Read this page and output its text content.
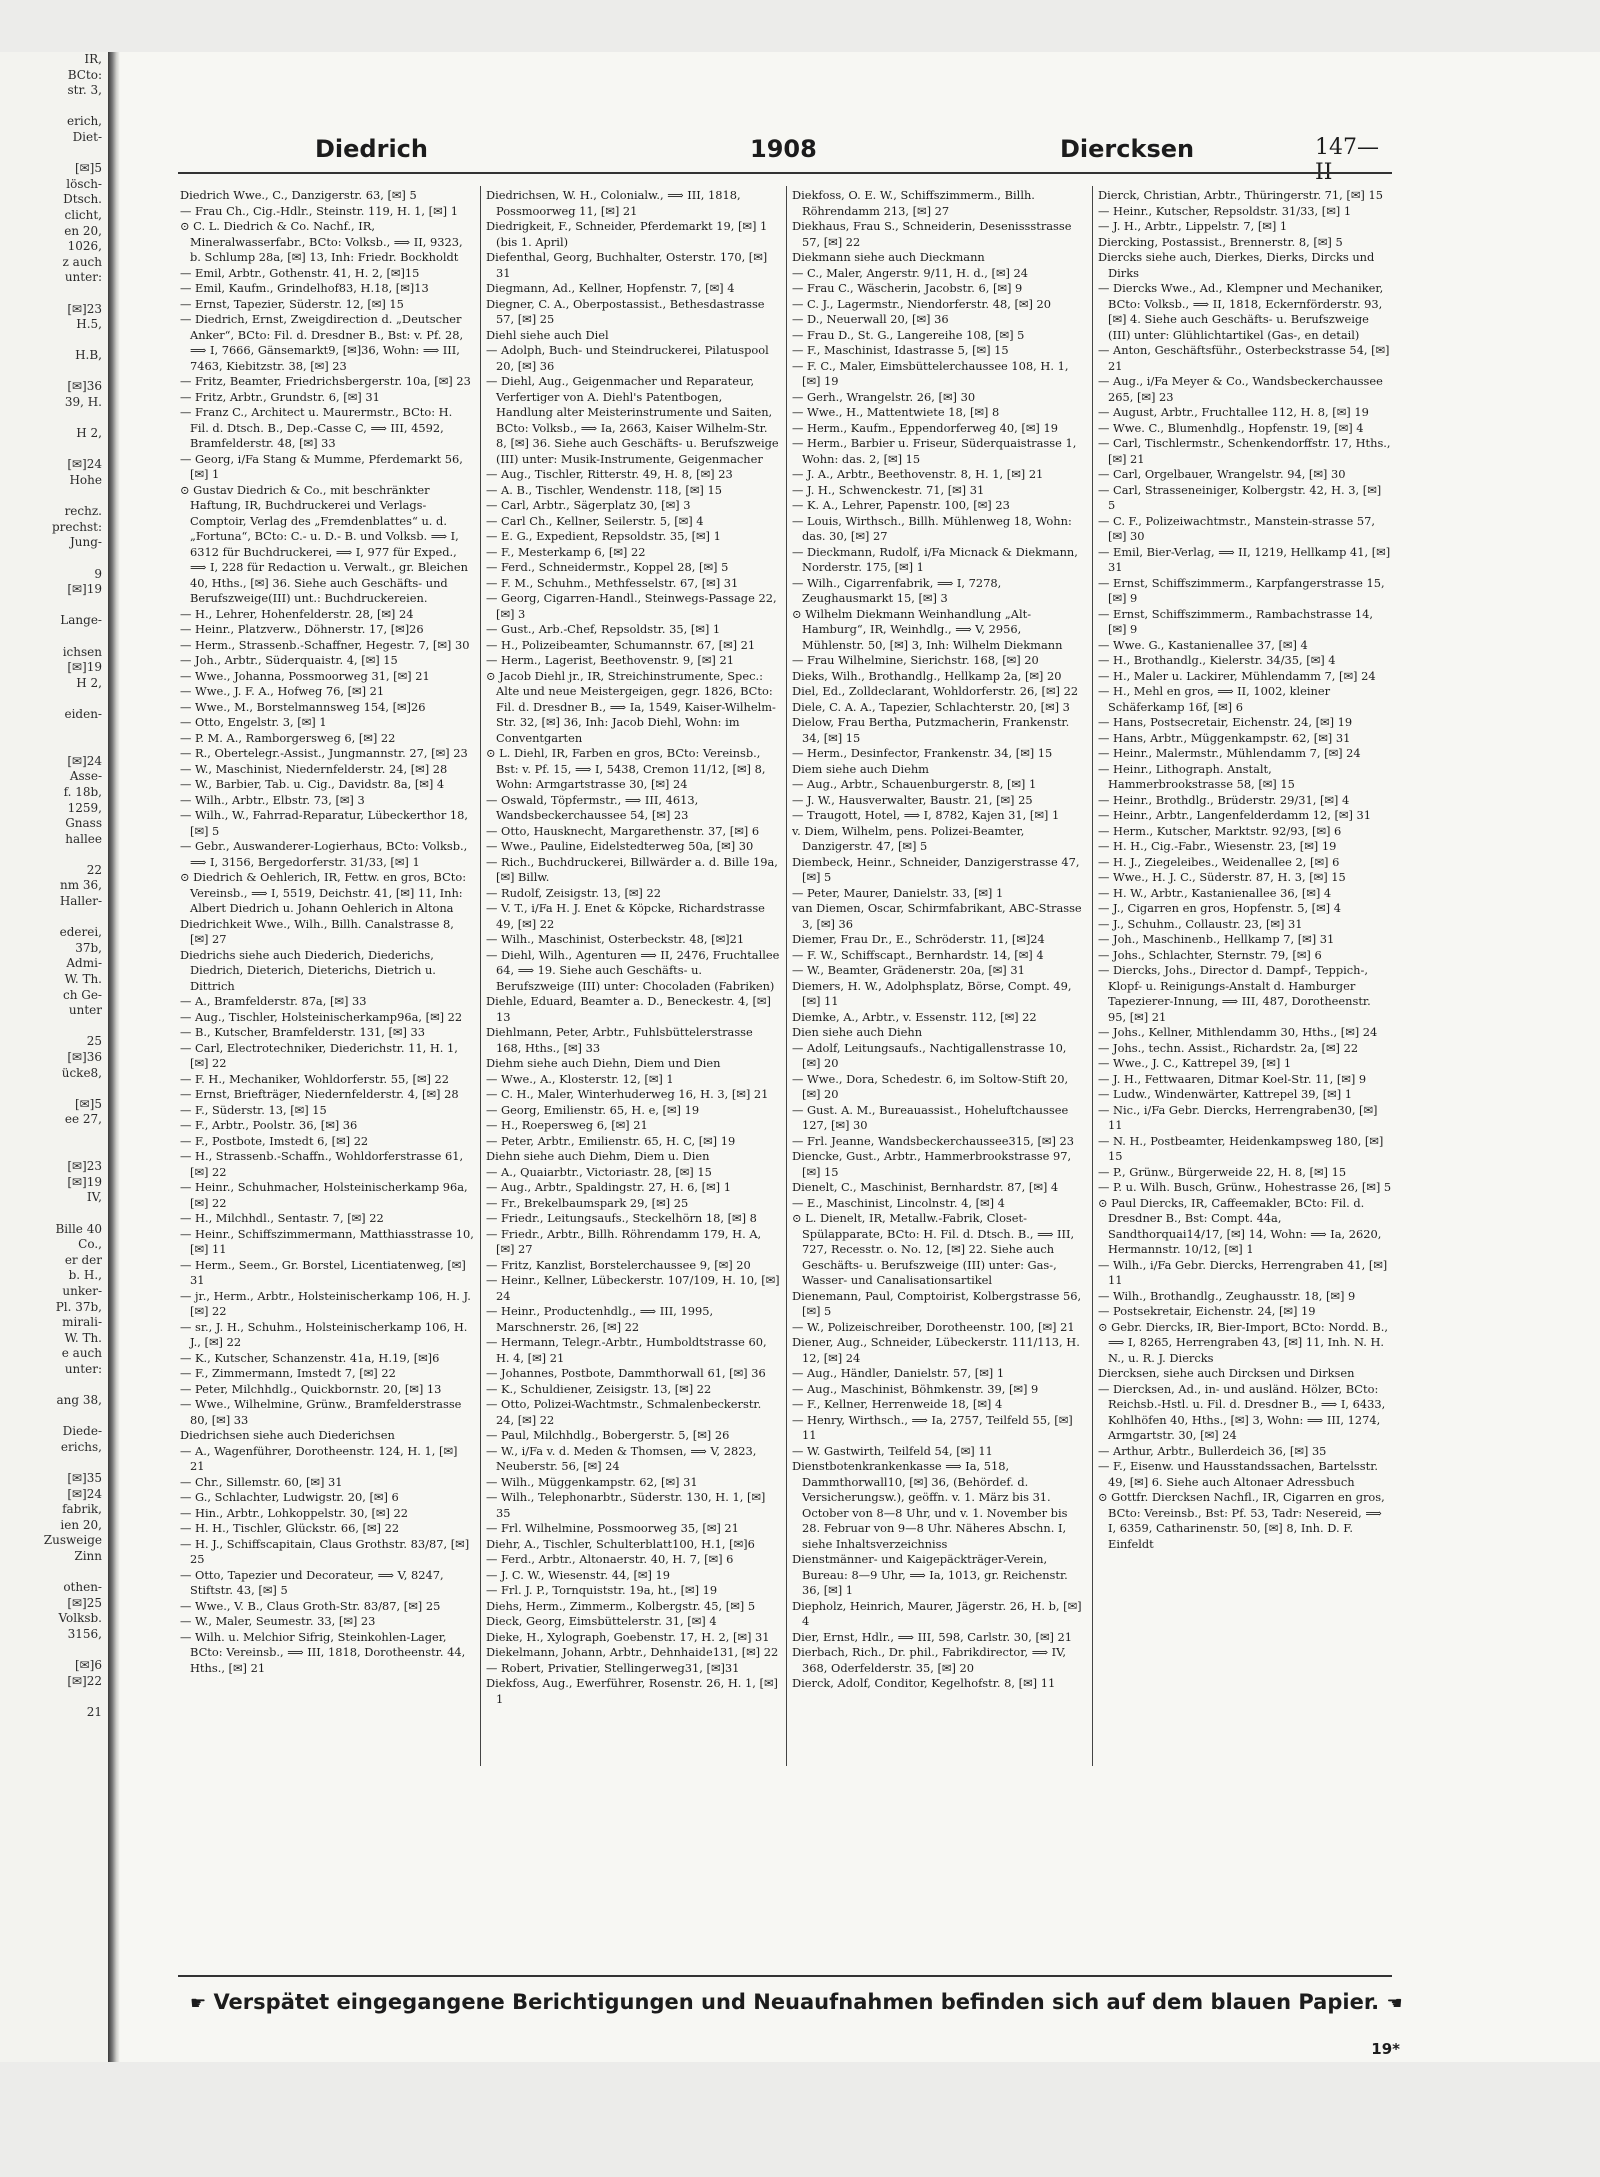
IR,
BCto:
str. 3,

erich,
Diet-

[✉]5
lösch-
Dtsch.
clicht,
en 20,
1026,
z auch
unter:

[✉]23
H.5,

H.B,

[✉]36
39, H.

H 2,

[✉]24
Hohe

rechz.
prechst:
Jung-

9
[✉]19

Lange-

ichsen
[✉]19
H 2,

eiden-

[✉]24
Asse-
f. 18b,
1259,
Gnass
hallee

22
nm 36,
Haller-

ederei,
37b,
Admi-
W. Th.
ch Ge-
unter

25
[✉]36
ücke8,

[✉]5
ee 27,

[✉]23
[✉]19
IV,

Bille 40
Co.,
er der
b. H.,
unker-
Pl. 37b,
mirali-
W. Th.
e auch
unter:

ang 38,

Diede-
erichs,

[✉]35
[✉]24
fabrik,
ien 20,
Zusweige
Zinn

othen-
[✉]25
Volksb.
3156,

[✉]6
[✉]22

21
Diedrich	1908	Diercksen	147—II

Diedrich Wwe., C., Danzigerstr. 63, [✉] 5

— Frau Ch., Cig.-Hdlr., Steinstr. 119, H. 1, [✉] 1

⊙ C. L. Diedrich & Co. Nachf., IR, Mineralwasserfabr., BCto: Volksb., ⟹ II, 9323, b. Schlump 28a, [✉] 13, Inh: Friedr. Bockholdt

— Emil, Arbtr., Gothenstr. 41, H. 2, [✉]15

— Emil, Kaufm., Grindelhof83, H.18, [✉]13

— Ernst, Tapezier, Süderstr. 12, [✉] 15

— Diedrich, Ernst, Zweigdirection d. „Deutscher Anker“, BCto: Fil. d. Dresdner B., Bst: v. Pf. 28, ⟹ I, 7666, Gänsemarkt9, [✉]36, Wohn: ⟹ III, 7463, Kiebitzstr. 38, [✉] 23

— Fritz, Beamter, Friedrichsbergerstr. 10a, [✉] 23

— Fritz, Arbtr., Grundstr. 6, [✉] 31

— Franz C., Architect u. Maurermstr., BCto: H. Fil. d. Dtsch. B., Dep.-Casse C, ⟹ III, 4592, Bramfelderstr. 48, [✉] 33

— Georg, i/Fa Stang & Mumme, Pferdemarkt 56, [✉] 1

⊙ Gustav Diedrich & Co., mit beschränkter Haftung, IR, Buchdruckerei und Verlags-Comptoir, Verlag des „Fremdenblattes“ u. d. „Fortuna“, BCto: C.- u. D.- B. und Volksb. ⟹ I, 6312 für Buchdruckerei, ⟹ I, 977 für Exped., ⟹ I, 228 für Redaction u. Verwalt., gr. Bleichen 40, Hths., [✉] 36. Siehe auch Geschäfts- und Berufszweige(III) unt.: Buchdruckereien.

— H., Lehrer, Hohenfelderstr. 28, [✉] 24

— Heinr., Platzverw., Döhnerstr. 17, [✉]26

— Herm., Strassenb.-Schaffner, Hegestr. 7, [✉] 30

— Joh., Arbtr., Süderquaistr. 4, [✉] 15

— Wwe., Johanna, Possmoorweg 31, [✉] 21

— Wwe., J. F. A., Hofweg 76, [✉] 21

— Wwe., M., Borstelmannsweg 154, [✉]26

— Otto, Engelstr. 3, [✉] 1

— P. M. A., Ramborgersweg 6, [✉] 22

— R., Obertelegr.-Assist., Jungmannstr. 27, [✉] 23

— W., Maschinist, Niedernfelderstr. 24, [✉] 28

— W., Barbier, Tab. u. Cig., Davidstr. 8a, [✉] 4

— Wilh., Arbtr., Elbstr. 73, [✉] 3

— Wilh., W., Fahrrad-Reparatur, Lübeckerthor 18, [✉] 5

— Gebr., Auswanderer-Logierhaus, BCto: Volksb., ⟹ I, 3156, Bergedorferstr. 31/33, [✉] 1

⊙ Diedrich & Oehlerich, IR, Fettw. en gros, BCto: Vereinsb., ⟹ I, 5519, Deichstr. 41, [✉] 11, Inh: Albert Diedrich u. Johann Oehlerich in Altona

Diedrichkeit Wwe., Wilh., Billh. Canalstrasse 8, [✉] 27

Diedrichs siehe auch Diederich, Diederichs, Diedrich, Dieterich, Dieterichs, Dietrich u. Dittrich

— A., Bramfelderstr. 87a, [✉] 33

— Aug., Tischler, Holsteinischerkamp96a, [✉] 22

— B., Kutscher, Bramfelderstr. 131, [✉] 33

— Carl, Electrotechniker, Diederichstr. 11, H. 1, [✉] 22

— F. H., Mechaniker, Wohldorferstr. 55, [✉] 22

— Ernst, Briefträger, Niedernfelderstr. 4, [✉] 28

— F., Süderstr. 13, [✉] 15

— F., Arbtr., Poolstr. 36, [✉] 36

— F., Postbote, Imstedt 6, [✉] 22

— H., Strassenb.-Schaffn., Wohldorferstrasse 61, [✉] 22

— Heinr., Schuhmacher, Holsteinischerkamp 96a, [✉] 22

— H., Milchhdl., Sentastr. 7, [✉] 22

— Heinr., Schiffszimmermann, Matthiasstrasse 10, [✉] 11

— Herm., Seem., Gr. Borstel, Licentiatenweg, [✉] 31

— jr., Herm., Arbtr., Holsteinischerkamp 106, H. J. [✉] 22

— sr., J. H., Schuhm., Holsteinischerkamp 106, H. J., [✉] 22

— K., Kutscher, Schanzenstr. 41a, H.19, [✉]6

— F., Zimmermann, Imstedt 7, [✉] 22

— Peter, Milchhdlg., Quickbornstr. 20, [✉] 13

— Wwe., Wilhelmine, Grünw., Bramfelderstrasse 80, [✉] 33

Diedrichsen siehe auch Diederichsen

— A., Wagenführer, Dorotheenstr. 124, H. 1, [✉] 21

— Chr., Sillemstr. 60, [✉] 31

— G., Schlachter, Ludwigstr. 20, [✉] 6

— Hin., Arbtr., Lohkoppelstr. 30, [✉] 22

— H. H., Tischler, Glückstr. 66, [✉] 22

— H. J., Schiffscapitain, Claus Grothstr. 83/87, [✉] 25

— Otto, Tapezier und Decorateur, ⟹ V, 8247, Stiftstr. 43, [✉] 5

— Wwe., V. B., Claus Groth-Str. 83/87, [✉] 25

— W., Maler, Seumestr. 33, [✉] 23

— Wilh. u. Melchior Sifrig, Steinkohlen-Lager, BCto: Vereinsb., ⟹ III, 1818, Dorotheenstr. 44, Hths., [✉] 21

Diedrichsen, W. H., Colonialw., ⟹ III, 1818, Possmoorweg 11, [✉] 21

Diedrigkeit, F., Schneider, Pferdemarkt 19, [✉] 1 (bis 1. April)

Diefenthal, Georg, Buchhalter, Osterstr. 170, [✉] 31

Diegmann, Ad., Kellner, Hopfenstr. 7, [✉] 4

Diegner, C. A., Oberpostassist., Bethesdastrasse 57, [✉] 25

Diehl siehe auch Diel

— Adolph, Buch- und Steindruckerei, Pilatuspool 20, [✉] 36

— Diehl, Aug., Geigenmacher und Reparateur, Verfertiger von A. Diehl's Patentbogen, Handlung alter Meisterinstrumente und Saiten, BCto: Volksb., ⟹ Ia, 2663, Kaiser Wilhelm-Str. 8, [✉] 36. Siehe auch Geschäfts- u. Berufszweige (III) unter: Musik-Instrumente, Geigenmacher

— Aug., Tischler, Ritterstr. 49, H. 8, [✉] 23

— A. B., Tischler, Wendenstr. 118, [✉] 15

— Carl, Arbtr., Sägerplatz 30, [✉] 3

— Carl Ch., Kellner, Seilerstr. 5, [✉] 4

— E. G., Expedient, Repsoldstr. 35, [✉] 1

— F., Mesterkamp 6, [✉] 22

— Ferd., Schneidermstr., Koppel 28, [✉] 5

— F. M., Schuhm., Methfesselstr. 67, [✉] 31

— Georg, Cigarren-Handl., Steinwegs-Passage 22, [✉] 3

— Gust., Arb.-Chef, Repsoldstr. 35, [✉] 1

— H., Polizeibeamter, Schumannstr. 67, [✉] 21

— Herm., Lagerist, Beethovenstr. 9, [✉] 21

⊙ Jacob Diehl jr., IR, Streichinstrumente, Spec.: Alte und neue Meistergeigen, gegr. 1826, BCto: Fil. d. Dresdner B., ⟹ Ia, 1549, Kaiser-Wilhelm-Str. 32, [✉] 36, Inh: Jacob Diehl, Wohn: im Conventgarten

⊙ L. Diehl, IR, Farben en gros, BCto: Vereinsb., Bst: v. Pf. 15, ⟹ I, 5438, Cremon 11/12, [✉] 8, Wohn: Armgartstrasse 30, [✉] 24

— Oswald, Töpfermstr., ⟹ III, 4613, Wandsbeckerchaussee 54, [✉] 23

— Otto, Hausknecht, Margarethenstr. 37, [✉] 6

— Wwe., Pauline, Eidelstedterweg 50a, [✉] 30

— Rich., Buchdruckerei, Billwärder a. d. Bille 19a, [✉] Billw.

— Rudolf, Zeisigstr. 13, [✉] 22

— V. T., i/Fa H. J. Enet & Köpcke, Richardstrasse 49, [✉] 22

— Wilh., Maschinist, Osterbeckstr. 48, [✉]21

— Diehl, Wilh., Agenturen ⟹ II, 2476, Fruchtallee 64, ⟹ 19. Siehe auch Geschäfts- u. Berufszweige (III) unter: Chocoladen (Fabriken)

Diehle, Eduard, Beamter a. D., Beneckestr. 4, [✉] 13

Diehlmann, Peter, Arbtr., Fuhlsbüttelerstrasse 168, Hths., [✉] 33

Diehm siehe auch Diehn, Diem und Dien

— Wwe., A., Klosterstr. 12, [✉] 1

— C. H., Maler, Winterhuderweg 16, H. 3, [✉] 21

— Georg, Emilienstr. 65, H. e, [✉] 19

— H., Roepersweg 6, [✉] 21

— Peter, Arbtr., Emilienstr. 65, H. C, [✉] 19

Diehn siehe auch Diehm, Diem u. Dien

— A., Quaiarbtr., Victoriastr. 28, [✉] 15

— Aug., Arbtr., Spaldingstr. 27, H. 6, [✉] 1

— Fr., Brekelbaumspark 29, [✉] 25

— Friedr., Leitungsaufs., Steckelhörn 18, [✉] 8

— Friedr., Arbtr., Billh. Röhrendamm 179, H. A, [✉] 27

— Fritz, Kanzlist, Borstelerchaussee 9, [✉] 20

— Heinr., Kellner, Lübeckerstr. 107/109, H. 10, [✉] 24

— Heinr., Productenhdlg., ⟹ III, 1995, Marschnerstr. 26, [✉] 22

— Hermann, Telegr.-Arbtr., Humboldtstrasse 60, H. 4, [✉] 21

— Johannes, Postbote, Dammthorwall 61, [✉] 36

— K., Schuldiener, Zeisigstr. 13, [✉] 22

— Otto, Polizei-Wachtmstr., Schmalenbeckerstr. 24, [✉] 22

— Paul, Milchhdlg., Bobergerstr. 5, [✉] 26

— W., i/Fa v. d. Meden & Thomsen, ⟹ V, 2823, Neuberstr. 56, [✉] 24

— Wilh., Müggenkampstr. 62, [✉] 31

— Wilh., Telephonarbtr., Süderstr. 130, H. 1, [✉] 35

— Frl. Wilhelmine, Possmoorweg 35, [✉] 21

Diehr, A., Tischler, Schulterblatt100, H.1, [✉]6

— Ferd., Arbtr., Altonaerstr. 40, H. 7, [✉] 6

— J. C. W., Wiesenstr. 44, [✉] 19

— Frl. J. P., Tornquiststr. 19a, ht., [✉] 19

Diehs, Herm., Zimmerm., Kolbergstr. 45, [✉] 5

Dieck, Georg, Eimsbüttelerstr. 31, [✉] 4

Dieke, H., Xylograph, Goebenstr. 17, H. 2, [✉] 31

Diekelmann, Johann, Arbtr., Dehnhaide131, [✉] 22

— Robert, Privatier, Stellingerweg31, [✉]31

Diekfoss, Aug., Ewerführer, Rosenstr. 26, H. 1, [✉] 1

Diekfoss, O. E. W., Schiffszimmerm., Billh. Röhrendamm 213, [✉] 27

Diekhaus, Frau S., Schneiderin, Desenissstrasse 57, [✉] 22

Diekmann siehe auch Dieckmann

— C., Maler, Angerstr. 9/11, H. d., [✉] 24

— Frau C., Wäscherin, Jacobstr. 6, [✉] 9

— C. J., Lagermstr., Niendorferstr. 48, [✉] 20

— D., Neuerwall 20, [✉] 36

— Frau D., St. G., Langereihe 108, [✉] 5

— F., Maschinist, Idastrasse 5, [✉] 15

— F. C., Maler, Eimsbüttelerchaussee 108, H. 1, [✉] 19

— Gerh., Wrangelstr. 26, [✉] 30

— Wwe., H., Mattentwiete 18, [✉] 8

— Herm., Kaufm., Eppendorferweg 40, [✉] 19

— Herm., Barbier u. Friseur, Süderquaistrasse 1, Wohn: das. 2, [✉] 15

— J. A., Arbtr., Beethovenstr. 8, H. 1, [✉] 21

— J. H., Schwenckestr. 71, [✉] 31

— K. A., Lehrer, Papenstr. 100, [✉] 23

— Louis, Wirthsch., Billh. Mühlenweg 18, Wohn: das. 30, [✉] 27

— Dieckmann, Rudolf, i/Fa Micnack & Diekmann, Norderstr. 175, [✉] 1

— Wilh., Cigarrenfabrik, ⟹ I, 7278, Zeughausmarkt 15, [✉] 3

⊙ Wilhelm Diekmann Weinhandlung „Alt-Hamburg“, IR, Weinhdlg., ⟹ V, 2956, Mühlenstr. 50, [✉] 3, Inh: Wilhelm Diekmann

— Frau Wilhelmine, Sierichstr. 168, [✉] 20

Dieks, Wilh., Brothandlg., Hellkamp 2a, [✉] 20

Diel, Ed., Zolldeclarant, Wohldorferstr. 26, [✉] 22

Diele, C. A. A., Tapezier, Schlachterstr. 20, [✉] 3

Dielow, Frau Bertha, Putzmacherin, Frankenstr. 34, [✉] 15

— Herm., Desinfector, Frankenstr. 34, [✉] 15

Diem siehe auch Diehm

— Aug., Arbtr., Schauenburgerstr. 8, [✉] 1

— J. W., Hausverwalter, Baustr. 21, [✉] 25

— Traugott, Hotel, ⟹ I, 8782, Kajen 31, [✉] 1

v. Diem, Wilhelm, pens. Polizei-Beamter, Danzigerstr. 47, [✉] 5

Diembeck, Heinr., Schneider, Danzigerstrasse 47, [✉] 5

— Peter, Maurer, Danielstr. 33, [✉] 1

van Diemen, Oscar, Schirmfabrikant, ABC-Strasse 3, [✉] 36

Diemer, Frau Dr., E., Schröderstr. 11, [✉]24

— F. W., Schiffscapt., Bernhardstr. 14, [✉] 4

— W., Beamter, Grädenerstr. 20a, [✉] 31

Diemers, H. W., Adolphsplatz, Börse, Compt. 49, [✉] 11

Diemke, A., Arbtr., v. Essenstr. 112, [✉] 22

Dien siehe auch Diehn

— Adolf, Leitungsaufs., Nachtigallenstrasse 10, [✉] 20

— Wwe., Dora, Schedestr. 6, im Soltow-Stift 20, [✉] 20

— Gust. A. M., Bureauassist., Hoheluftchaussee 127, [✉] 30

— Frl. Jeanne, Wandsbeckerchaussee315, [✉] 23

Diencke, Gust., Arbtr., Hammerbrookstrasse 97, [✉] 15

Dienelt, C., Maschinist, Bernhardstr. 87, [✉] 4

— E., Maschinist, Lincolnstr. 4, [✉] 4

⊙ L. Dienelt, IR, Metallw.-Fabrik, Closet-Spülapparate, BCto: H. Fil. d. Dtsch. B., ⟹ III, 727, Recesstr. o. No. 12, [✉] 22. Siehe auch Geschäfts- u. Berufszweige (III) unter: Gas-, Wasser- und Canalisationsartikel

Dienemann, Paul, Comptoirist, Kolbergstrasse 56, [✉] 5

— W., Polizeischreiber, Dorotheenstr. 100, [✉] 21

Diener, Aug., Schneider, Lübeckerstr. 111/113, H. 12, [✉] 24

— Aug., Händler, Danielstr. 57, [✉] 1

— Aug., Maschinist, Böhmkenstr. 39, [✉] 9

— F., Kellner, Herrenweide 18, [✉] 4

— Henry, Wirthsch., ⟹ Ia, 2757, Teilfeld 55, [✉] 11

— W. Gastwirth, Teilfeld 54, [✉] 11

Dienstbotenkrankenkasse ⟹ Ia, 518, Dammthorwall10, [✉] 36, (Behördef. d. Versicherungsw.), geöffn. v. 1. März bis 31. October von 8—8 Uhr, und v. 1. November bis 28. Februar von 9—8 Uhr. Näheres Abschn. I, siehe Inhaltsverzeichniss

Dienstmänner- und Kaigepäckträger-Verein, Bureau: 8—9 Uhr, ⟹ Ia, 1013, gr. Reichenstr. 36, [✉] 1

Diepholz, Heinrich, Maurer, Jägerstr. 26, H. b, [✉] 4

Dier, Ernst, Hdlr., ⟹ III, 598, Carlstr. 30, [✉] 21

Dierbach, Rich., Dr. phil., Fabrikdirector, ⟹ IV, 368, Oderfelderstr. 35, [✉] 20

Dierck, Adolf, Conditor, Kegelhofstr. 8, [✉] 11

Dierck, Christian, Arbtr., Thüringerstr. 71, [✉] 15

— Heinr., Kutscher, Repsoldstr. 31/33, [✉] 1

— J. H., Arbtr., Lippelstr. 7, [✉] 1

Diercking, Postassist., Brennerstr. 8, [✉] 5

Diercks siehe auch, Dierkes, Dierks, Dircks und Dirks

— Diercks Wwe., Ad., Klempner und Mechaniker, BCto: Volksb., ⟹ II, 1818, Eckernförderstr. 93, [✉] 4. Siehe auch Geschäfts- u. Berufszweige (III) unter: Glühlichtartikel (Gas-, en detail)

— Anton, Geschäftsführ., Osterbeckstrasse 54, [✉] 21

— Aug., i/Fa Meyer & Co., Wandsbeckerchaussee 265, [✉] 23

— August, Arbtr., Fruchtallee 112, H. 8, [✉] 19

— Wwe. C., Blumenhdlg., Hopfenstr. 19, [✉] 4

— Carl, Tischlermstr., Schenkendorffstr. 17, Hths., [✉] 21

— Carl, Orgelbauer, Wrangelstr. 94, [✉] 30

— Carl, Strasseneiniger, Kolbergstr. 42, H. 3, [✉] 5

— C. F., Polizeiwachtmstr., Manstein-strasse 57, [✉] 30

— Emil, Bier-Verlag, ⟹ II, 1219, Hellkamp 41, [✉] 31

— Ernst, Schiffszimmerm., Karpfangerstrasse 15, [✉] 9

— Ernst, Schiffszimmerm., Rambachstrasse 14, [✉] 9

— Wwe. G., Kastanienallee 37, [✉] 4

— H., Brothandlg., Kielerstr. 34/35, [✉] 4

— H., Maler u. Lackirer, Mühlendamm 7, [✉] 24

— H., Mehl en gros, ⟹ II, 1002, kleiner Schäferkamp 16f, [✉] 6

— Hans, Postsecretair, Eichenstr. 24, [✉] 19

— Hans, Arbtr., Müggenkampstr. 62, [✉] 31

— Heinr., Malermstr., Mühlendamm 7, [✉] 24

— Heinr., Lithograph. Anstalt, Hammerbrookstrasse 58, [✉] 15

— Heinr., Brothdlg., Brüderstr. 29/31, [✉] 4

— Heinr., Arbtr., Langenfelderdamm 12, [✉] 31

— Herm., Kutscher, Marktstr. 92/93, [✉] 6

— H. H., Cig.-Fabr., Wiesenstr. 23, [✉] 19

— H. J., Ziegeleibes., Weidenallee 2, [✉] 6

— Wwe., H. J. C., Süderstr. 87, H. 3, [✉] 15

— H. W., Arbtr., Kastanienallee 36, [✉] 4

— J., Cigarren en gros, Hopfenstr. 5, [✉] 4

— J., Schuhm., Collaustr. 23, [✉] 31

— Joh., Maschinenb., Hellkamp 7, [✉] 31

— Johs., Schlachter, Sternstr. 79, [✉] 6

— Diercks, Johs., Director d. Dampf-, Teppich-, Klopf- u. Reinigungs-Anstalt d. Hamburger Tapezierer-Innung, ⟹ III, 487, Dorotheenstr. 95, [✉] 21

— Johs., Kellner, Mithlendamm 30, Hths., [✉] 24

— Johs., techn. Assist., Richardstr. 2a, [✉] 22

— Wwe., J. C., Kattrepel 39, [✉] 1

— J. H., Fettwaaren, Ditmar Koel-Str. 11, [✉] 9

— Ludw., Windenwärter, Kattrepel 39, [✉] 1

— Nic., i/Fa Gebr. Diercks, Herrengraben30, [✉] 11

— N. H., Postbeamter, Heidenkampsweg 180, [✉] 15

— P., Grünw., Bürgerweide 22, H. 8, [✉] 15

— P. u. Wilh. Busch, Grünw., Hohestrasse 26, [✉] 5

⊙ Paul Diercks, IR, Caffeemakler, BCto: Fil. d. Dresdner B., Bst: Compt. 44a, Sandthorquai14/17, [✉] 14, Wohn: ⟹ Ia, 2620, Hermannstr. 10/12, [✉] 1

— Wilh., i/Fa Gebr. Diercks, Herrengraben 41, [✉] 11

— Wilh., Brothandlg., Zeughausstr. 18, [✉] 9

— Postsekretair, Eichenstr. 24, [✉] 19

⊙ Gebr. Diercks, IR, Bier-Import, BCto: Nordd. B., ⟹ I, 8265, Herrengraben 43, [✉] 11, Inh. N. H. N., u. R. J. Diercks

Diercksen, siehe auch Dircksen und Dirksen

— Diercksen, Ad., in- und ausländ. Hölzer, BCto: Reichsb.-Hstl. u. Fil. d. Dresdner B., ⟹ I, 6433, Kohlhöfen 40, Hths., [✉] 3, Wohn: ⟹ III, 1274, Armgartstr. 30, [✉] 24

— Arthur, Arbtr., Bullerdeich 36, [✉] 35

— F., Eisenw. und Hausstandssachen, Bartelsstr. 49, [✉] 6. Siehe auch Altonaer Adressbuch

⊙ Gottfr. Diercksen Nachfl., IR, Cigarren en gros, BCto: Vereinsb., Bst: Pf. 53, Tadr: Nesereid, ⟹ I, 6359, Catharinenstr. 50, [✉] 8, Inh. D. F. Einfeldt

☛ Verspätet eingegangene Berichtigungen und Neuaufnahmen befinden sich auf dem blauen Papier. ☚
19*
